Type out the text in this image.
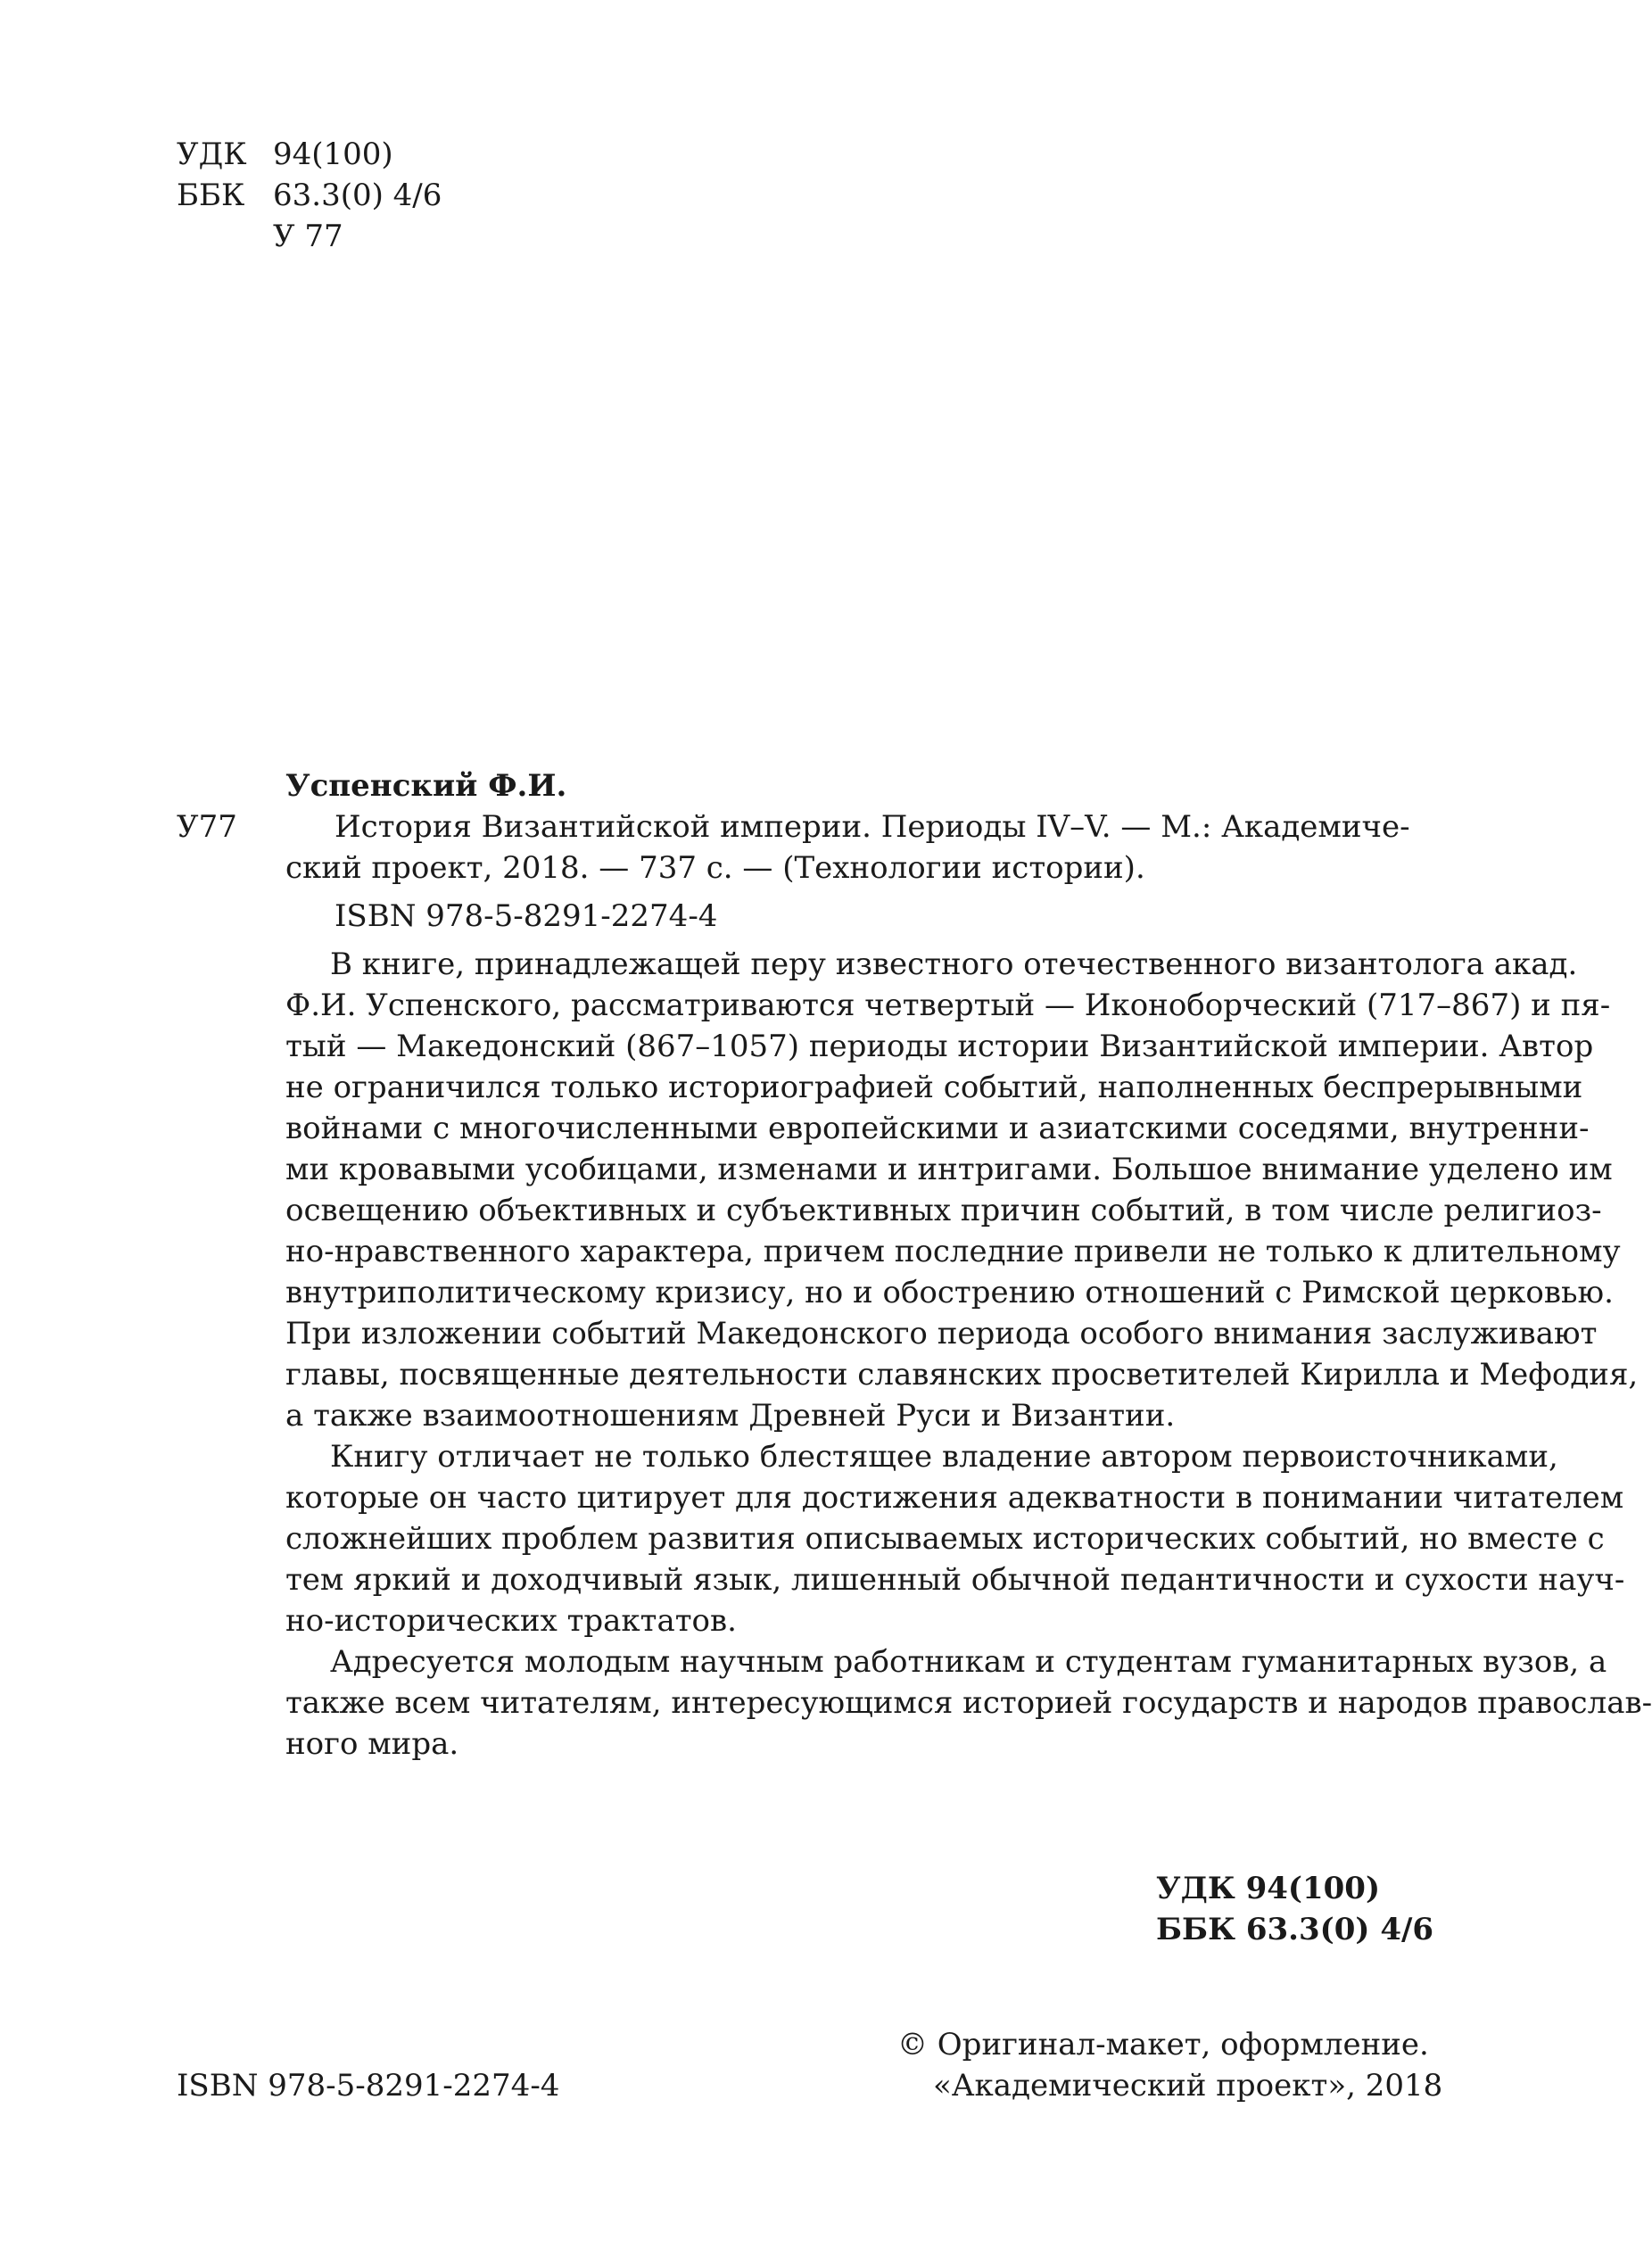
УДК 94(100)
ББК 63.3(0) 4/6
У 77
Успенский Ф.И.
У77	История Византийской империи. Периоды IV–V. — М.: Академиче-
ский проект, 2018. — 737 с. — (Технологии истории).
ISBN 978-5-8291-2274-4
В книге, принадлежащей перу известного отечественного византолога акад.
Ф.И. Успенского, рассматриваются четвертый — Иконоборческий (717–867) и пя-
тый — Македонский (867–1057) периоды истории Византийской империи. Автор
не ограничился только историографией событий, наполненных беспрерывными
войнами с многочисленными европейскими и азиатскими соседями, внутренни-
ми кровавыми усобицами, изменами и интригами. Большое внимание уделено им
освещению объективных и субъективных причин событий, в том числе религиоз-
но-нравственного характера, причем последние привели не только к длительному
внутриполитическому кризису, но и обострению отношений с Римской церковью.
При изложении событий Македонского периода особого внимания заслуживают
главы, посвященные деятельности славянских просветителей Кирилла и Мефодия,
а также взаимоотношениям Древней Руси и Византии.
Книгу отличает не только блестящее владение автором первоисточниками,
которые он часто цитирует для достижения адекватности в понимании читателем
сложнейших проблем развития описываемых исторических событий, но вместе с
тем яркий и доходчивый язык, лишенный обычной педантичности и сухости науч-
но-исторических трактатов.
Адресуется молодым научным работникам и студентам гуманитарных вузов, а
также всем читателям, интересующимся историей государств и народов православ-
ного мира.
УДК 94(100)
ББК 63.3(0) 4/6
ISBN 978-5-8291-2274-4
© Оригинал-макет, оформление.
«Академический проект», 2018
